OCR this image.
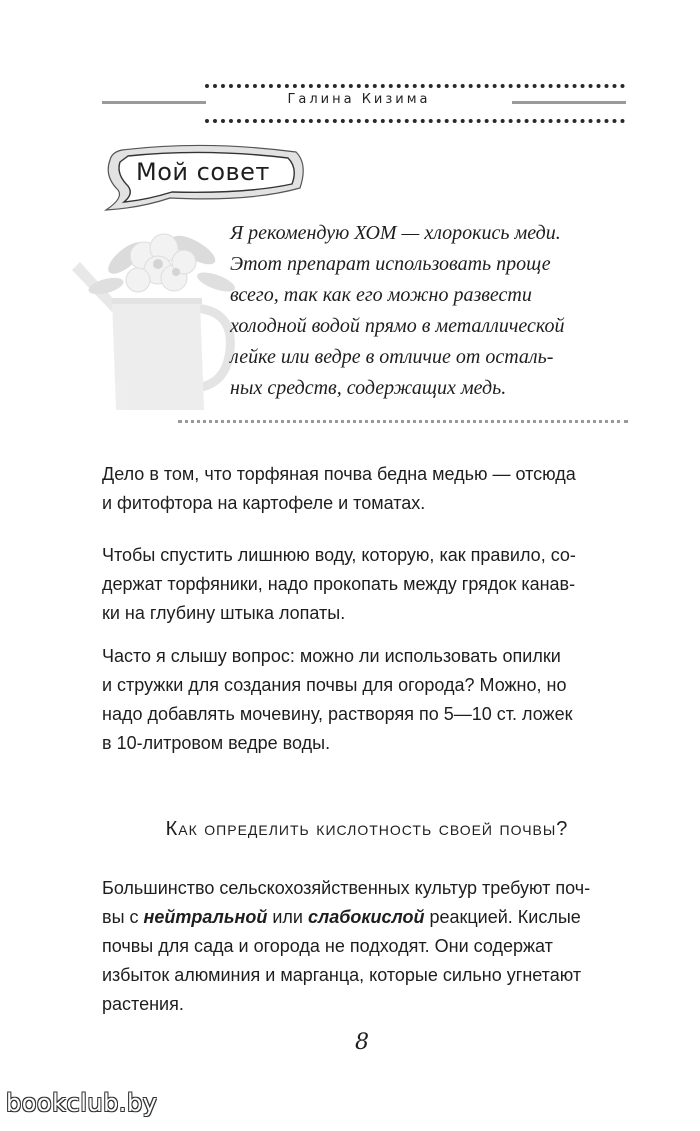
Галина Кизима
Мой совет
Я рекомендую ХОМ — хлорокись меди.
Этот препарат использовать проще
всего, так как его можно развести
холодной водой прямо в металлической
лейке или ведре в отличие от осталь-
ных средств, содержащих медь.
Дело в том, что торфяная почва бедна медью — отсюда
и фитофтора на картофеле и томатах.
Чтобы спустить лишнюю воду, которую, как правило, со-
держат торфяники, надо прокопать между грядок канав-
ки на глубину штыка лопаты.
Часто я слышу вопрос: можно ли использовать опилки
и стружки для создания почвы для огорода? Можно, но
надо добавлять мочевину, растворяя по 5—10 ст. ложек
в 10-литровом ведре воды.
Как определить кислотность своей почвы?
Большинство сельскохозяйственных культур требуют поч-
вы с нейтральной или слабокислой реакцией. Кислые
почвы для сада и огорода не подходят. Они содержат
избыток алюминия и марганца, которые сильно угнетают
растения.
8
bookclub.by
